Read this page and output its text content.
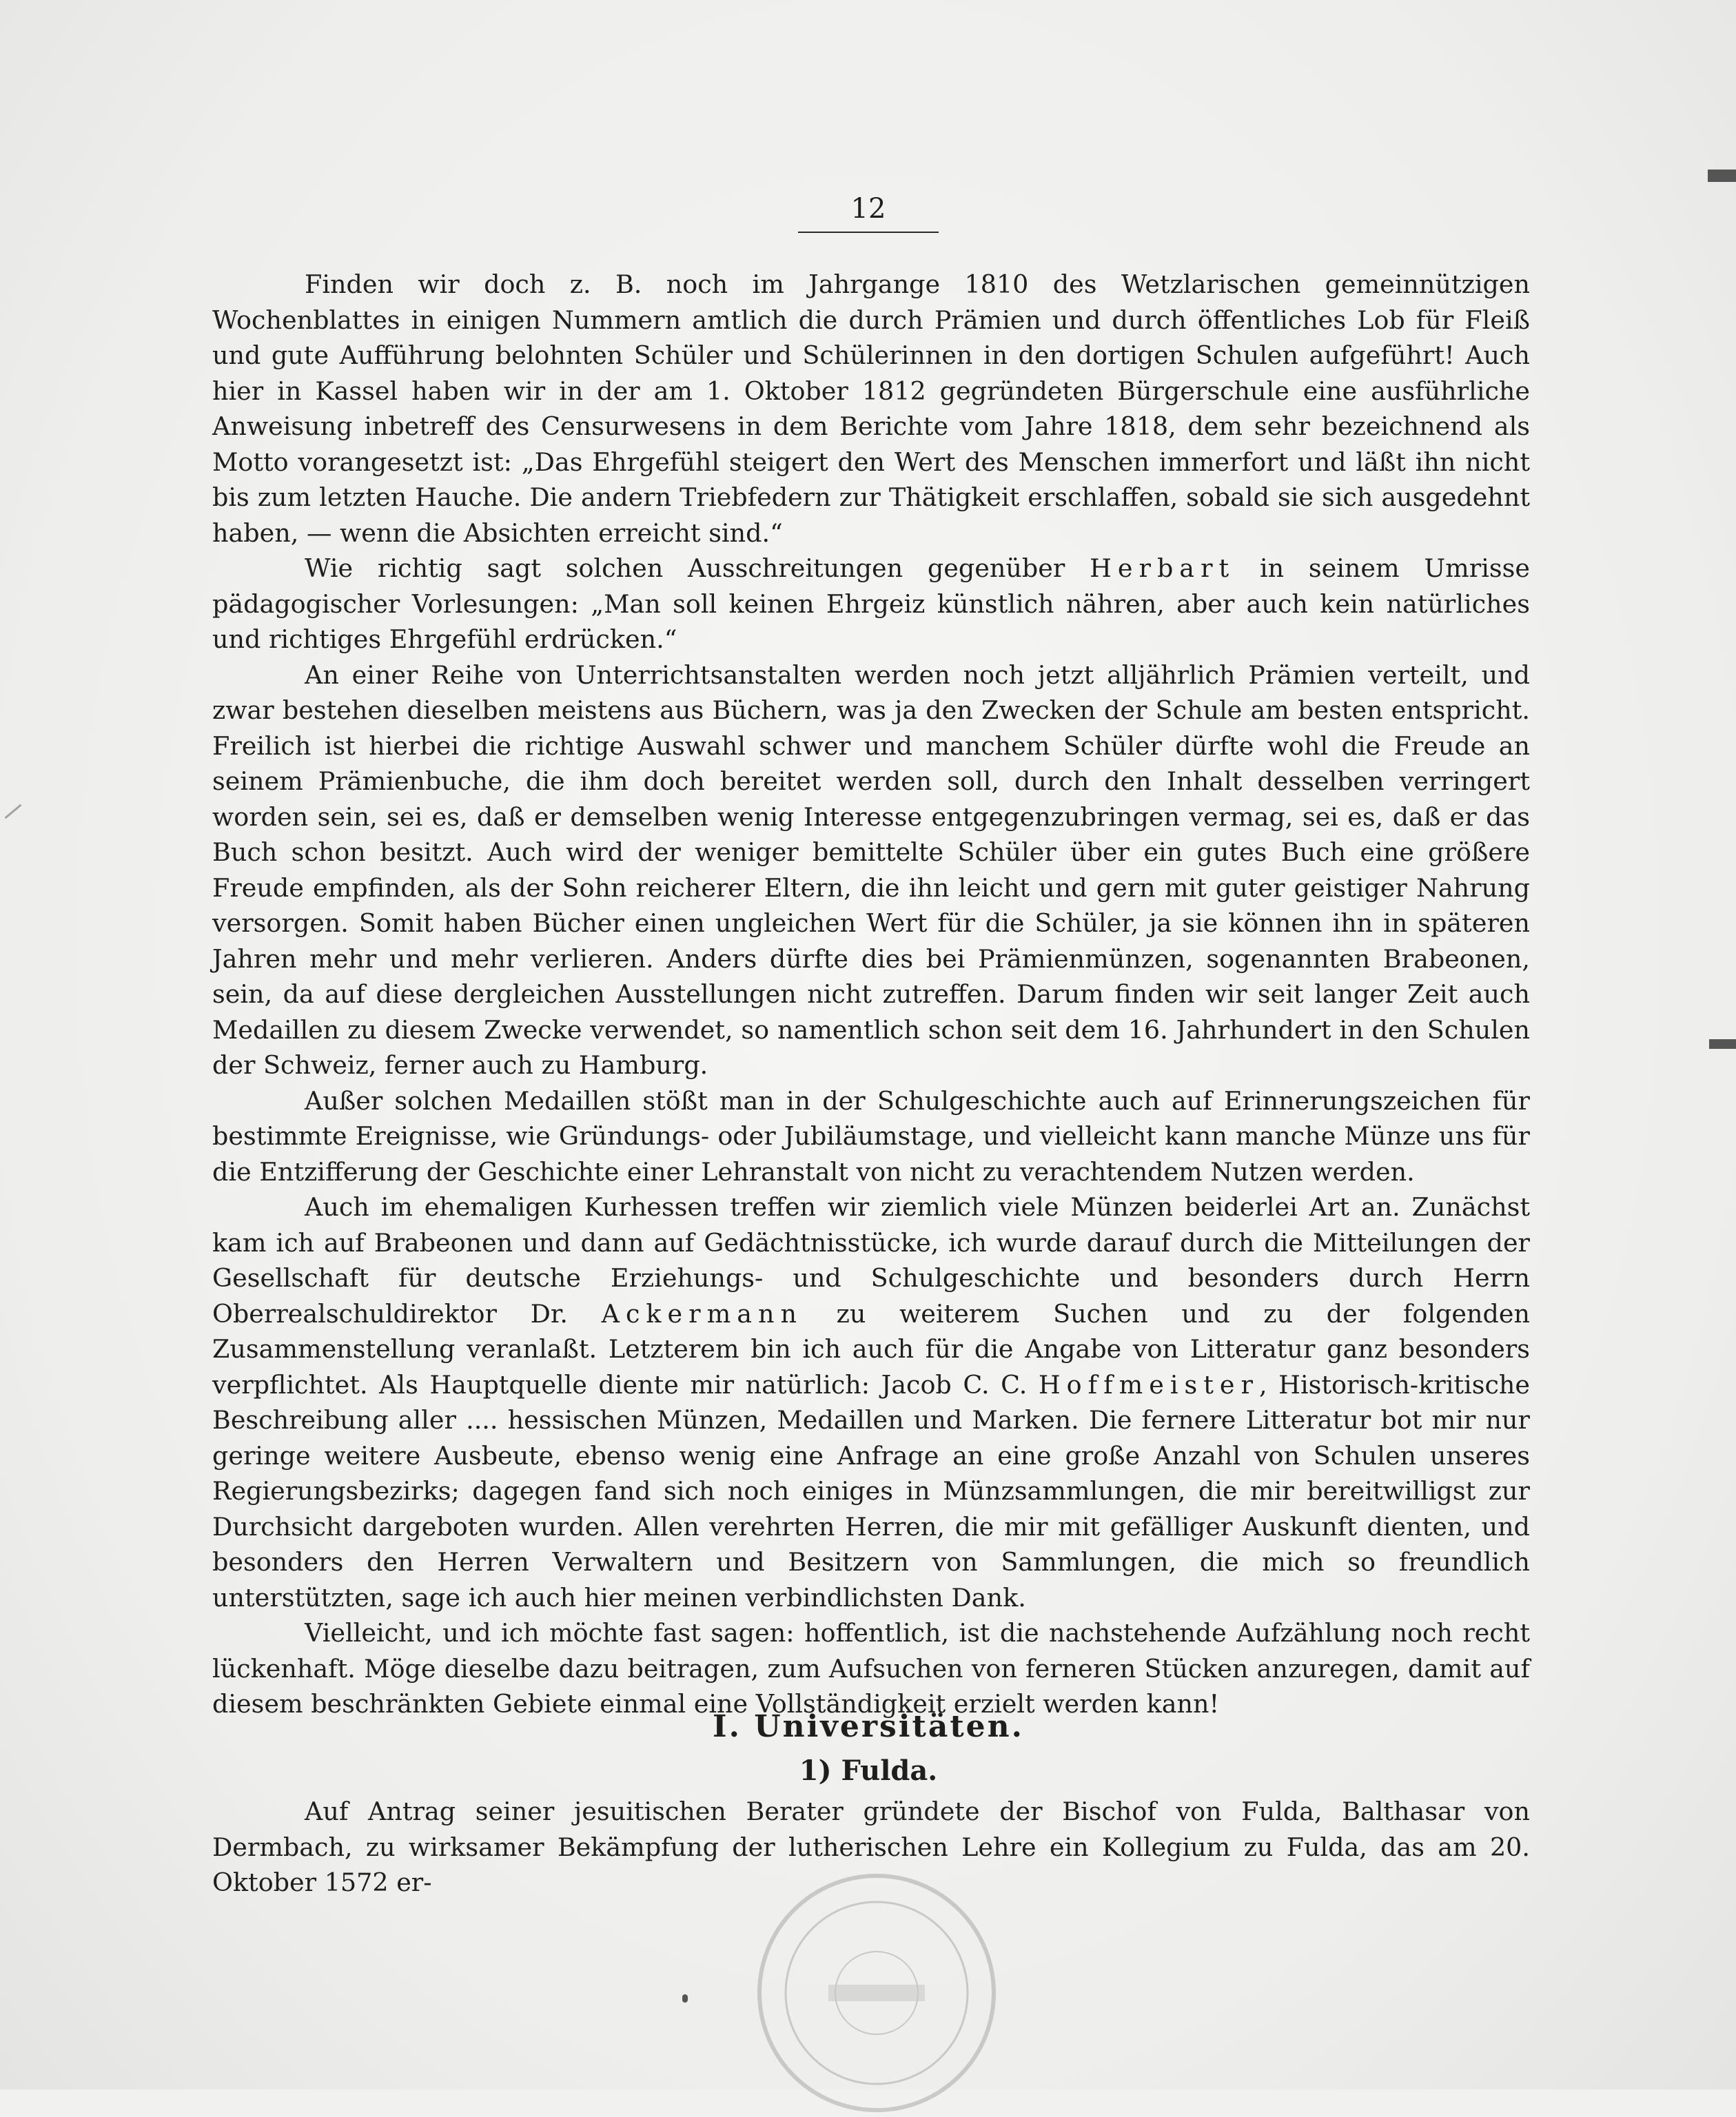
12

Finden wir doch z. B. noch im Jahrgange 1810 des Wetzlarischen gemeinnützigen Wochenblattes in einigen Nummern amtlich die durch Prämien und durch öffentliches Lob für Fleiß und gute Aufführung belohnten Schüler und Schülerinnen in den dortigen Schulen aufgeführt! Auch hier in Kassel haben wir in der am 1. Oktober 1812 gegründeten Bürgerschule eine ausführliche Anweisung inbetreff des Censurwesens in dem Berichte vom Jahre 1818, dem sehr bezeichnend als Motto vorangesetzt ist: „Das Ehrgefühl steigert den Wert des Menschen immerfort und läßt ihn nicht bis zum letzten Hauche. Die andern Triebfedern zur Thätigkeit erschlaffen, sobald sie sich ausgedehnt haben, — wenn die Absichten erreicht sind.“

Wie richtig sagt solchen Ausschreitungen gegenüber Herbart in seinem Umrisse pädagogischer Vorlesungen: „Man soll keinen Ehrgeiz künstlich nähren, aber auch kein natürliches und richtiges Ehrgefühl erdrücken.“

An einer Reihe von Unterrichtsanstalten werden noch jetzt alljährlich Prämien verteilt, und zwar bestehen dieselben meistens aus Büchern, was ja den Zwecken der Schule am besten entspricht. Freilich ist hierbei die richtige Auswahl schwer und manchem Schüler dürfte wohl die Freude an seinem Prämienbuche, die ihm doch bereitet werden soll, durch den Inhalt desselben verringert worden sein, sei es, daß er demselben wenig Interesse entgegenzubringen vermag, sei es, daß er das Buch schon besitzt. Auch wird der weniger bemittelte Schüler über ein gutes Buch eine größere Freude empfinden, als der Sohn reicherer Eltern, die ihn leicht und gern mit guter geistiger Nahrung versorgen. Somit haben Bücher einen ungleichen Wert für die Schüler, ja sie können ihn in späteren Jahren mehr und mehr verlieren. Anders dürfte dies bei Prämienmünzen, sogenannten Brabeonen, sein, da auf diese dergleichen Ausstellungen nicht zutreffen. Darum finden wir seit langer Zeit auch Medaillen zu diesem Zwecke verwendet, so namentlich schon seit dem 16. Jahrhundert in den Schulen der Schweiz, ferner auch zu Hamburg.

Außer solchen Medaillen stößt man in der Schulgeschichte auch auf Erinnerungszeichen für bestimmte Ereignisse, wie Gründungs- oder Jubiläumstage, und vielleicht kann manche Münze uns für die Entzifferung der Geschichte einer Lehranstalt von nicht zu verachtendem Nutzen werden.

Auch im ehemaligen Kurhessen treffen wir ziemlich viele Münzen beiderlei Art an. Zunächst kam ich auf Brabeonen und dann auf Gedächtnisstücke, ich wurde darauf durch die Mitteilungen der Gesellschaft für deutsche Erziehungs- und Schulgeschichte und besonders durch Herrn Oberrealschuldirektor Dr. Ackermann zu weiterem Suchen und zu der folgenden Zusammenstellung veranlaßt. Letzterem bin ich auch für die Angabe von Litteratur ganz besonders verpflichtet. Als Hauptquelle diente mir natürlich: Jacob C. C. Hoffmeister, Historisch-kritische Beschreibung aller .... hessischen Münzen, Medaillen und Marken. Die fernere Litteratur bot mir nur geringe weitere Ausbeute, ebenso wenig eine Anfrage an eine große Anzahl von Schulen unseres Regierungsbezirks; dagegen fand sich noch einiges in Münzsammlungen, die mir bereitwilligst zur Durchsicht dargeboten wurden. Allen verehrten Herren, die mir mit gefälliger Auskunft dienten, und besonders den Herren Verwaltern und Besitzern von Sammlungen, die mich so freundlich unterstützten, sage ich auch hier meinen verbindlichsten Dank.

Vielleicht, und ich möchte fast sagen: hoffentlich, ist die nachstehende Aufzählung noch recht lückenhaft. Möge dieselbe dazu beitragen, zum Aufsuchen von ferneren Stücken anzuregen, damit auf diesem beschränkten Gebiete einmal eine Vollständigkeit erzielt werden kann!

I. Universitäten.
1) Fulda.

Auf Antrag seiner jesuitischen Berater gründete der Bischof von Fulda, Balthasar von Dermbach, zu wirksamer Bekämpfung der lutherischen Lehre ein Kollegium zu Fulda, das am 20. Oktober 1572 er-
